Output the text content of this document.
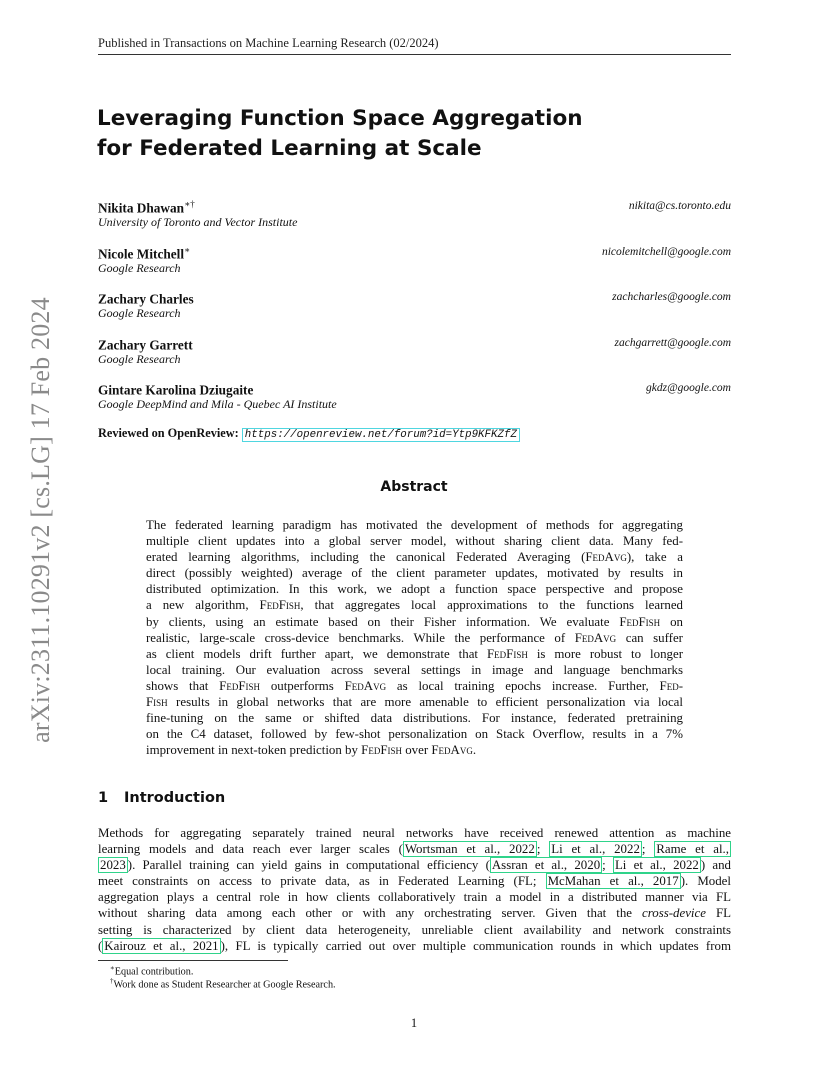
Published in Transactions on Machine Learning Research (02/2024)
arXiv:2311.10291v2 [cs.LG] 17 Feb 2024
Leveraging Function Space Aggregation
for Federated Learning at Scale
Nikita Dhawan∗†
University of Toronto and Vector Institute
nikita@cs.toronto.edu
Nicole Mitchell∗
Google Research
nicolemitchell@google.com
Zachary Charles
Google Research
zachcharles@google.com
Zachary Garrett
Google Research
zachgarrett@google.com
Gintare Karolina Dziugaite
Google DeepMind and Mila - Quebec AI Institute
gkdz@google.com
Reviewed on OpenReview: https://openreview.net/forum?id=Ytp9KFKZfZ
Abstract
The federated learning paradigm has motivated the development of methods for aggregating
multiple client updates into a global server model, without sharing client data. Many fed-
erated learning algorithms, including the canonical Federated Averaging (FedAvg), take a
direct (possibly weighted) average of the client parameter updates, motivated by results in
distributed optimization. In this work, we adopt a function space perspective and propose
a new algorithm, FedFish, that aggregates local approximations to the functions learned
by clients, using an estimate based on their Fisher information. We evaluate FedFish on
realistic, large-scale cross-device benchmarks. While the performance of FedAvg can suffer
as client models drift further apart, we demonstrate that FedFish is more robust to longer
local training. Our evaluation across several settings in image and language benchmarks
shows that FedFish outperforms FedAvg as local training epochs increase. Further, Fed-
Fish results in global networks that are more amenable to efficient personalization via local
fine-tuning on the same or shifted data distributions. For instance, federated pretraining
on the C4 dataset, followed by few-shot personalization on Stack Overflow, results in a 7%
improvement in next-token prediction by FedFish over FedAvg.
1 Introduction
Methods for aggregating separately trained neural networks have received renewed attention as machine
learning models and data reach ever larger scales ( Wortsman et al., 2022 ; Li et al., 2022 ; Rame et al.,
2023 ). Parallel training can yield gains in computational efficiency ( Assran et al., 2020 ; Li et al., 2022 ) and
meet constraints on access to private data, as in Federated Learning (FL; McMahan et al., 2017 ). Model
aggregation plays a central role in how clients collaboratively train a model in a distributed manner via FL
without sharing data among each other or with any orchestrating server. Given that the cross-device FL
setting is characterized by client data heterogeneity, unreliable client availability and network constraints
( Kairouz et al., 2021 ), FL is typically carried out over multiple communication rounds in which updates from
∗Equal contribution.
†Work done as Student Researcher at Google Research.
1
